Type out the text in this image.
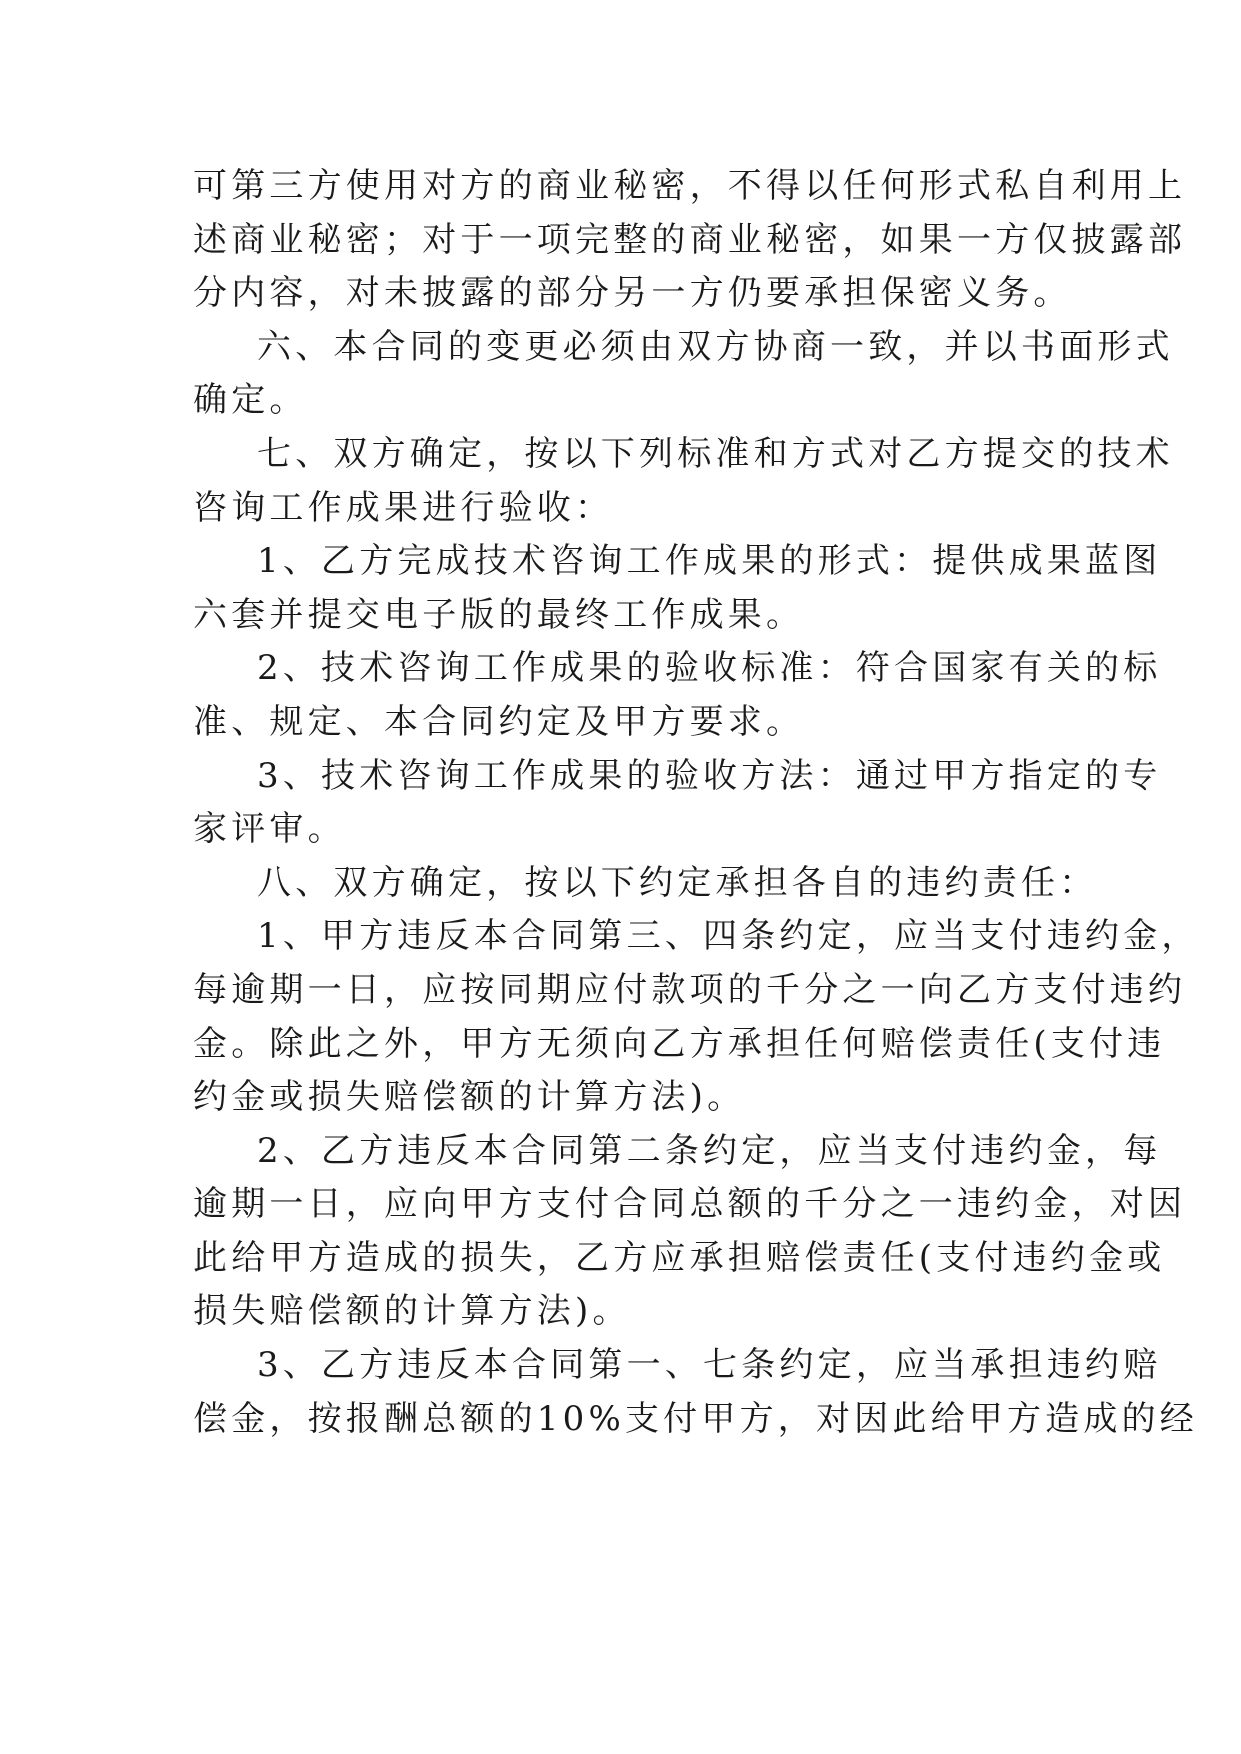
可第三方使用对方的商业秘密，不得以任何形式私自利用上
述商业秘密；对于一项完整的商业秘密，如果一方仅披露部
分内容，对未披露的部分另一方仍要承担保密义务。
六、本合同的变更必须由双方协商一致，并以书面形式
确定。
七、双方确定，按以下列标准和方式对乙方提交的技术
咨询工作成果进行验收：
1、乙方完成技术咨询工作成果的形式：提供成果蓝图
六套并提交电子版的最终工作成果。
2、技术咨询工作成果的验收标准：符合国家有关的标
准、规定、本合同约定及甲方要求。
3、技术咨询工作成果的验收方法：通过甲方指定的专
家评审。
八、双方确定，按以下约定承担各自的违约责任：
1、甲方违反本合同第三、四条约定，应当支付违约金，
每逾期一日，应按同期应付款项的千分之一向乙方支付违约
金。除此之外，甲方无须向乙方承担任何赔偿责任(支付违
约金或损失赔偿额的计算方法)。
2、乙方违反本合同第二条约定，应当支付违约金，每
逾期一日，应向甲方支付合同总额的千分之一违约金，对因
此给甲方造成的损失，乙方应承担赔偿责任(支付违约金或
损失赔偿额的计算方法)。
3、乙方违反本合同第一、七条约定，应当承担违约赔
偿金，按报酬总额的10%支付甲方，对因此给甲方造成的经
